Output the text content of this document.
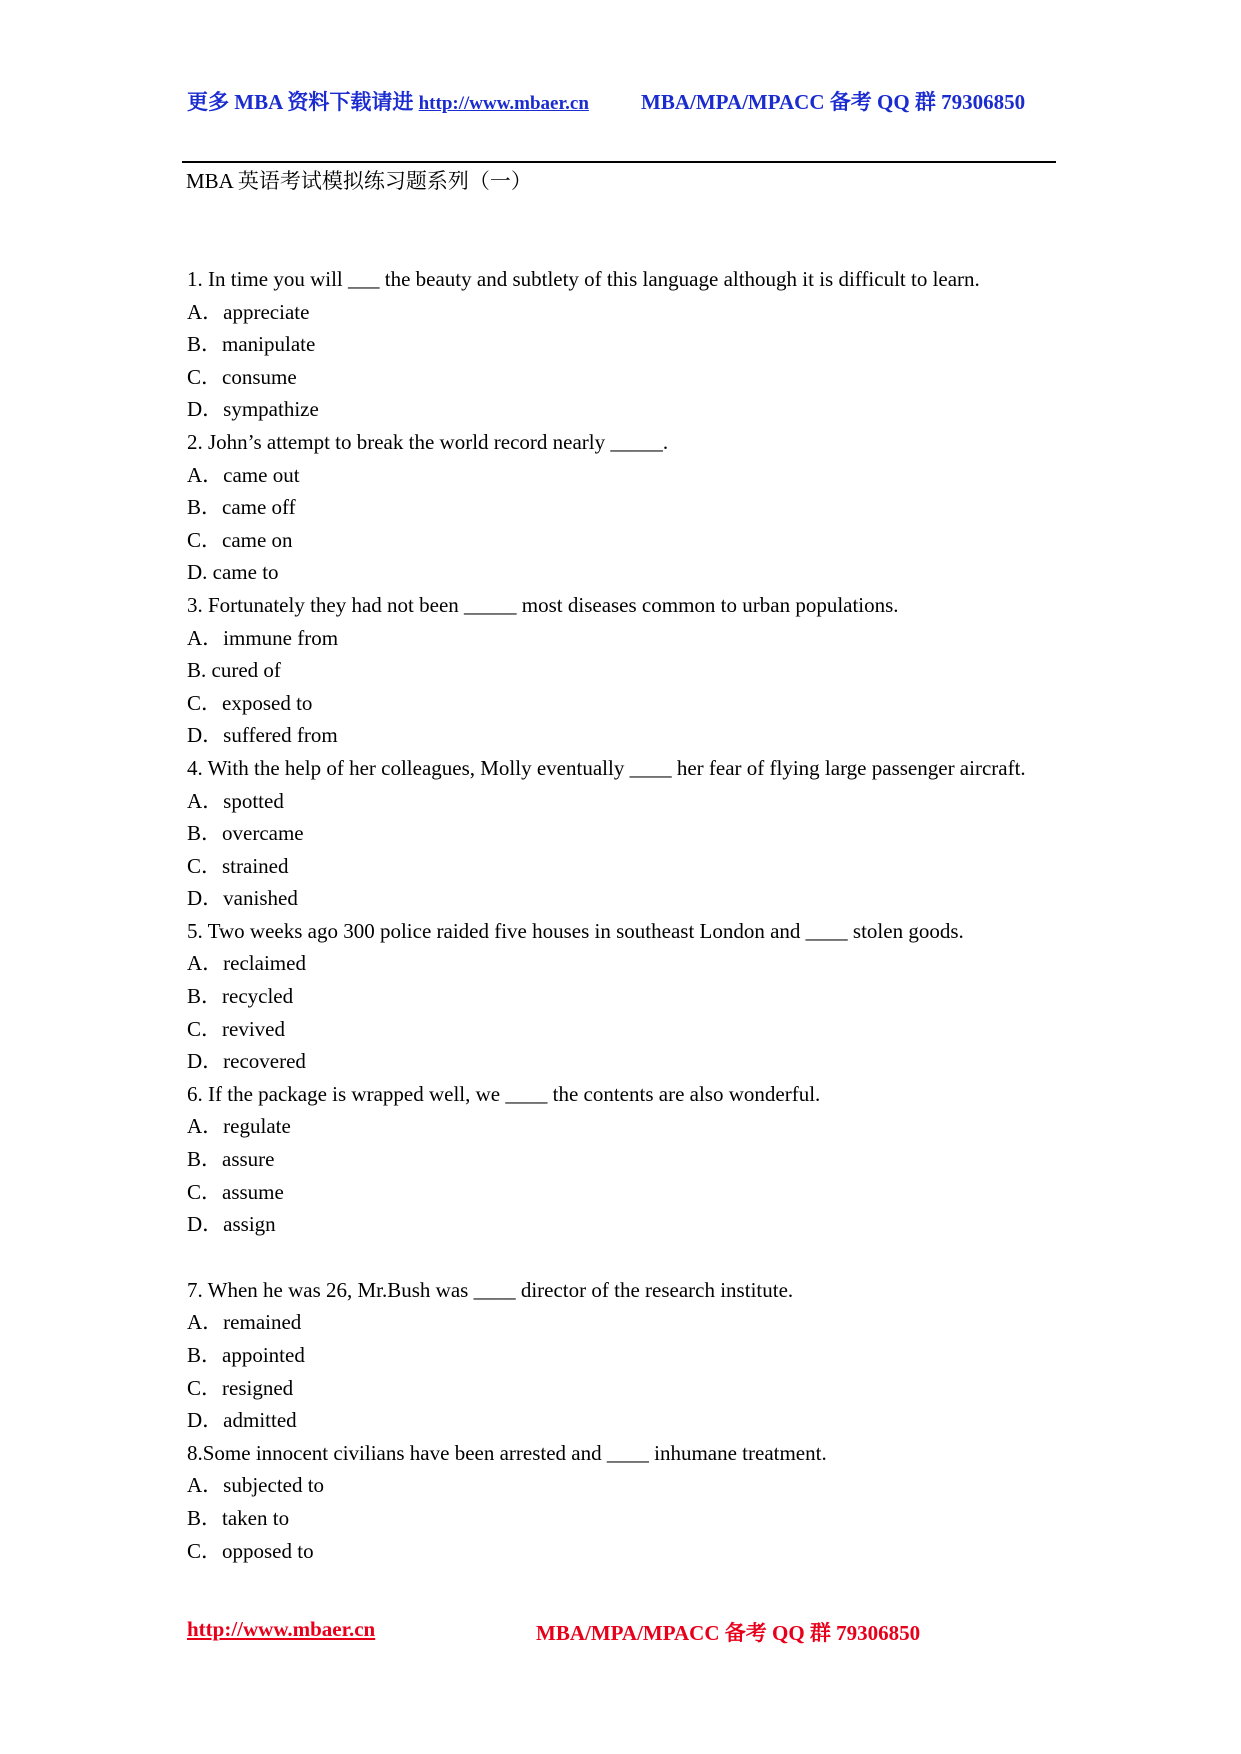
更多 MBA 资料下载请进 http://www.mbaer.cn MBA/MPA/MPACC 备考 QQ 群 79306850
MBA 英语考试模拟练习题系列（一）
1. In time you will ___ the beauty and subtlety of this language although it is difficult to learn.
A．appreciate
B．manipulate
C．consume
D．sympathize
2. John’s attempt to break the world record nearly _____.
A．came out
B．came off
C．came on
D. came to
3. Fortunately they had not been _____ most diseases common to urban populations.
A．immune from
B. cured of
C．exposed to
D．suffered from
4. With the help of her colleagues, Molly eventually ____ her fear of flying large passenger aircraft.
A．spotted
B．overcame
C．strained
D．vanished
5. Two weeks ago 300 police raided five houses in southeast London and ____ stolen goods.
A．reclaimed
B．recycled
C．revived
D．recovered
6. If the package is wrapped well, we ____ the contents are also wonderful.
A．regulate
B．assure
C．assume
D．assign
7. When he was 26, Mr.Bush was ____ director of the research institute.
A．remained
B．appointed
C．resigned
D．admitted
8.Some innocent civilians have been arrested and ____ inhumane treatment.
A．subjected to
B．taken to
C．opposed to
http://www.mbaer.cn	MBA/MPA/MPACC 备考 QQ 群 79306850
